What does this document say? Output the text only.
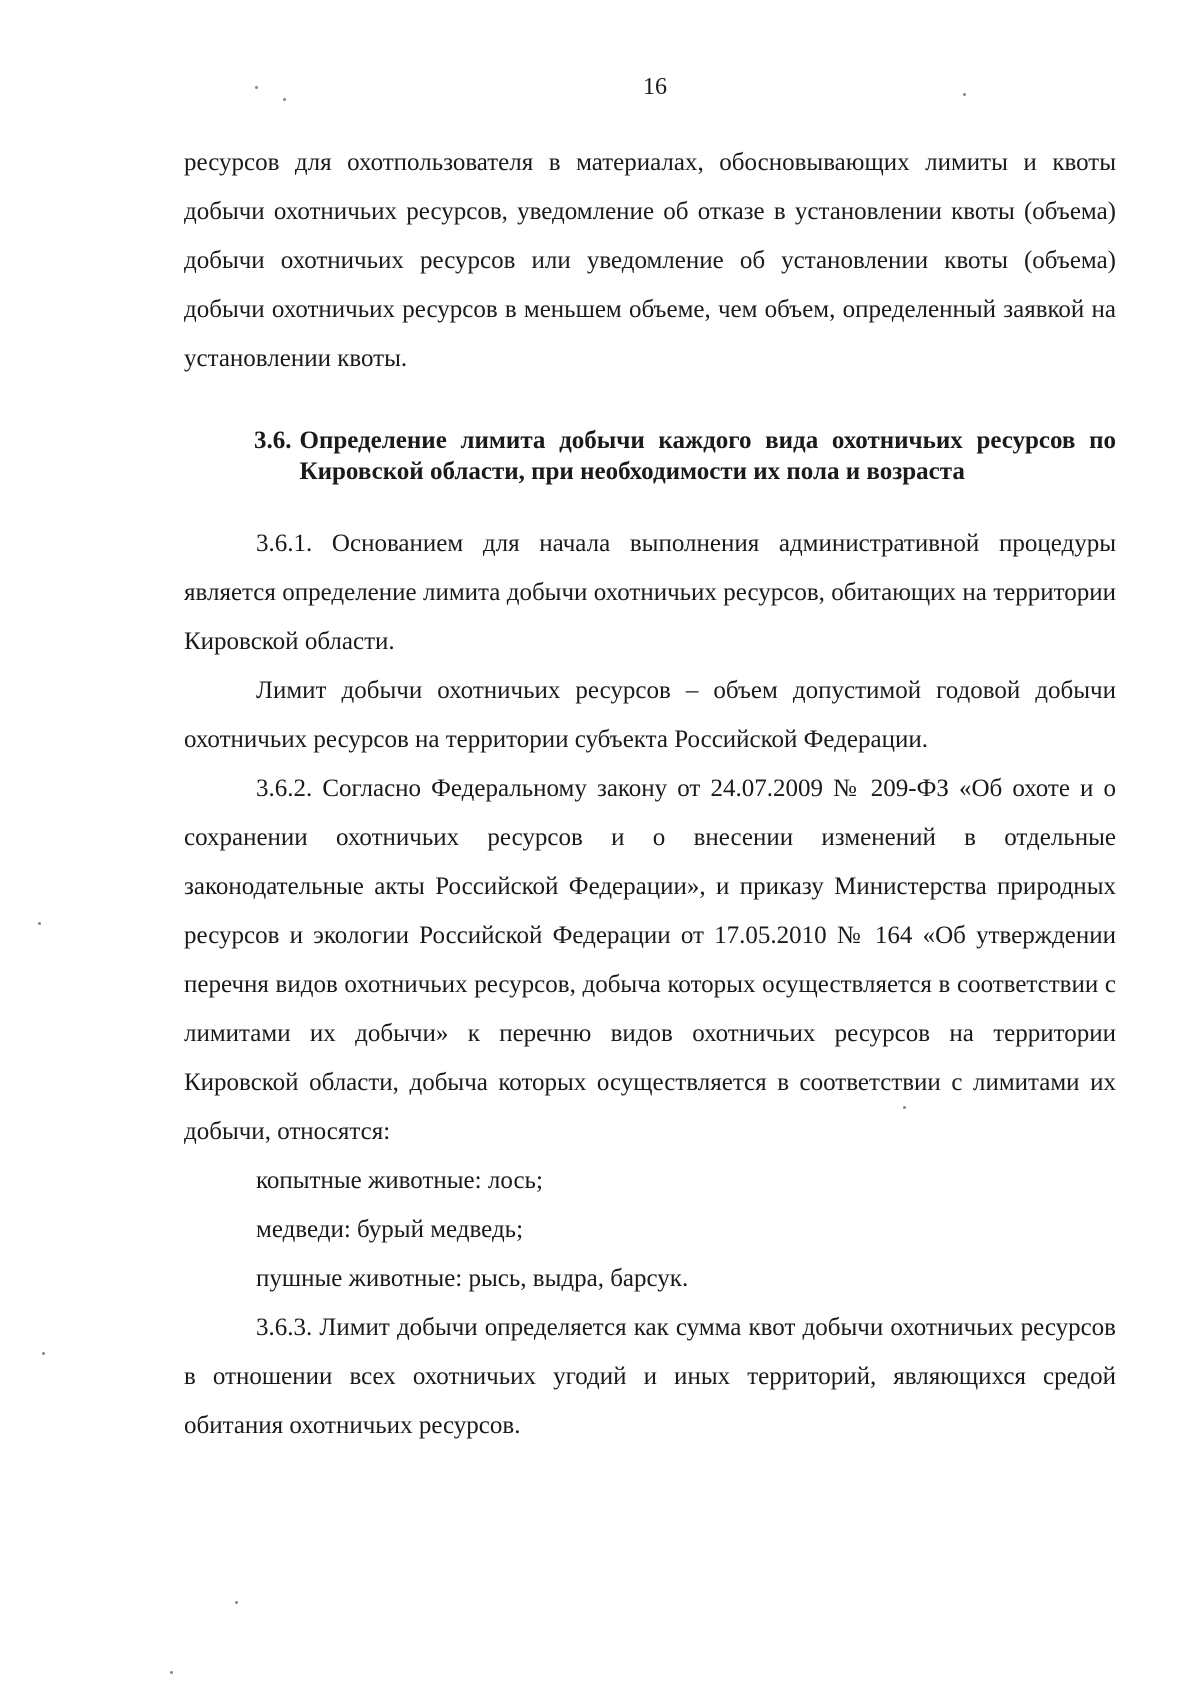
16

ресурсов для охотпользователя в материалах, обосновывающих лимиты и квоты добычи охотничьих ресурсов, уведомление об отказе в установлении квоты (объема) добычи охотничьих ресурсов или уведомление об установлении квоты (объема) добычи охотничьих ресурсов в меньшем объеме, чем объем, определенный заявкой на установлении квоты.

3.6. Определение лимита добычи каждого вида охотничьих ресурсов по Кировской области, при необходимости их пола и возраста

3.6.1. Основанием для начала выполнения административной процедуры является определение лимита добычи охотничьих ресурсов, обитающих на территории Кировской области.

Лимит добычи охотничьих ресурсов – объем допустимой годовой добычи охотничьих ресурсов на территории субъекта Российской Федерации.

3.6.2. Согласно Федеральному закону от 24.07.2009 № 209-ФЗ «Об охоте и о сохранении охотничьих ресурсов и о внесении изменений в отдельные законодательные акты Российской Федерации», и приказу Министерства природных ресурсов и экологии Российской Федерации от 17.05.2010 № 164 «Об утверждении перечня видов охотничьих ресурсов, добыча которых осуществляется в соответствии с лимитами их добычи» к перечню видов охотничьих ресурсов на территории Кировской области, добыча которых осуществляется в соответствии с лимитами их добычи, относятся:

копытные животные: лось;

медведи: бурый медведь;

пушные животные: рысь, выдра, барсук.

3.6.3. Лимит добычи определяется как сумма квот добычи охотничьих ресурсов в отношении всех охотничьих угодий и иных территорий, являющихся средой обитания охотничьих ресурсов.
